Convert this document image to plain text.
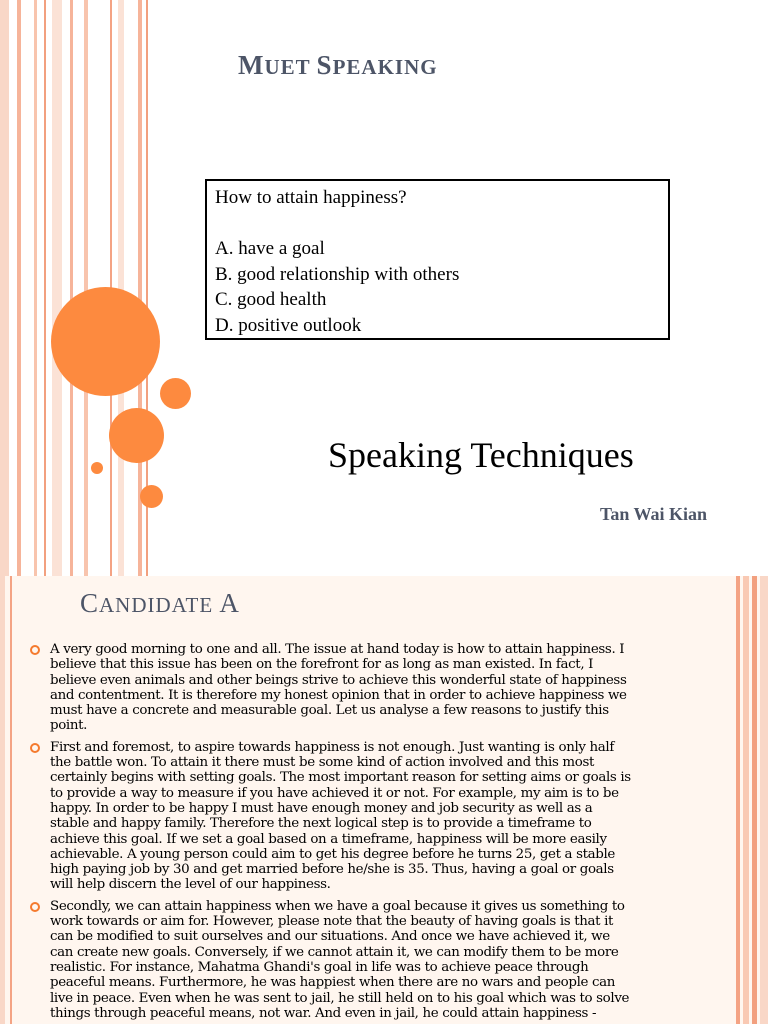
MUET SPEAKING
How to attain happiness?
A. have a goal
B. good relationship with others
C. good health
D. positive outlook
Speaking Techniques
Tan Wai Kian
CANDIDATE A
A very good morning to one and all. The issue at hand today is how to attain happiness. I
believe that this issue has been on the forefront for as long as man existed. In fact, I
believe even animals and other beings strive to achieve this wonderful state of happiness
and contentment. It is therefore my honest opinion that in order to achieve happiness we
must have a concrete and measurable goal. Let us analyse a few reasons to justify this
point.
First and foremost, to aspire towards happiness is not enough. Just wanting is only half
the battle won. To attain it there must be some kind of action involved and this most
certainly begins with setting goals. The most important reason for setting aims or goals is
to provide a way to measure if you have achieved it or not. For example, my aim is to be
happy. In order to be happy I must have enough money and job security as well as a
stable and happy family. Therefore the next logical step is to provide a timeframe to
achieve this goal. If we set a goal based on a timeframe, happiness will be more easily
achievable. A young person could aim to get his degree before he turns 25, get a stable
high paying job by 30 and get married before he/she is 35. Thus, having a goal or goals
will help discern the level of our happiness.
Secondly, we can attain happiness when we have a goal because it gives us something to
work towards or aim for. However, please note that the beauty of having goals is that it
can be modified to suit ourselves and our situations. And once we have achieved it, we
can create new goals. Conversely, if we cannot attain it, we can modify them to be more
realistic. For instance, Mahatma Ghandi's goal in life was to achieve peace through
peaceful means. Furthermore, he was happiest when there are no wars and people can
live in peace. Even when he was sent to jail, he still held on to his goal which was to solve
things through peaceful means, not war. And even in jail, he could attain happiness -
